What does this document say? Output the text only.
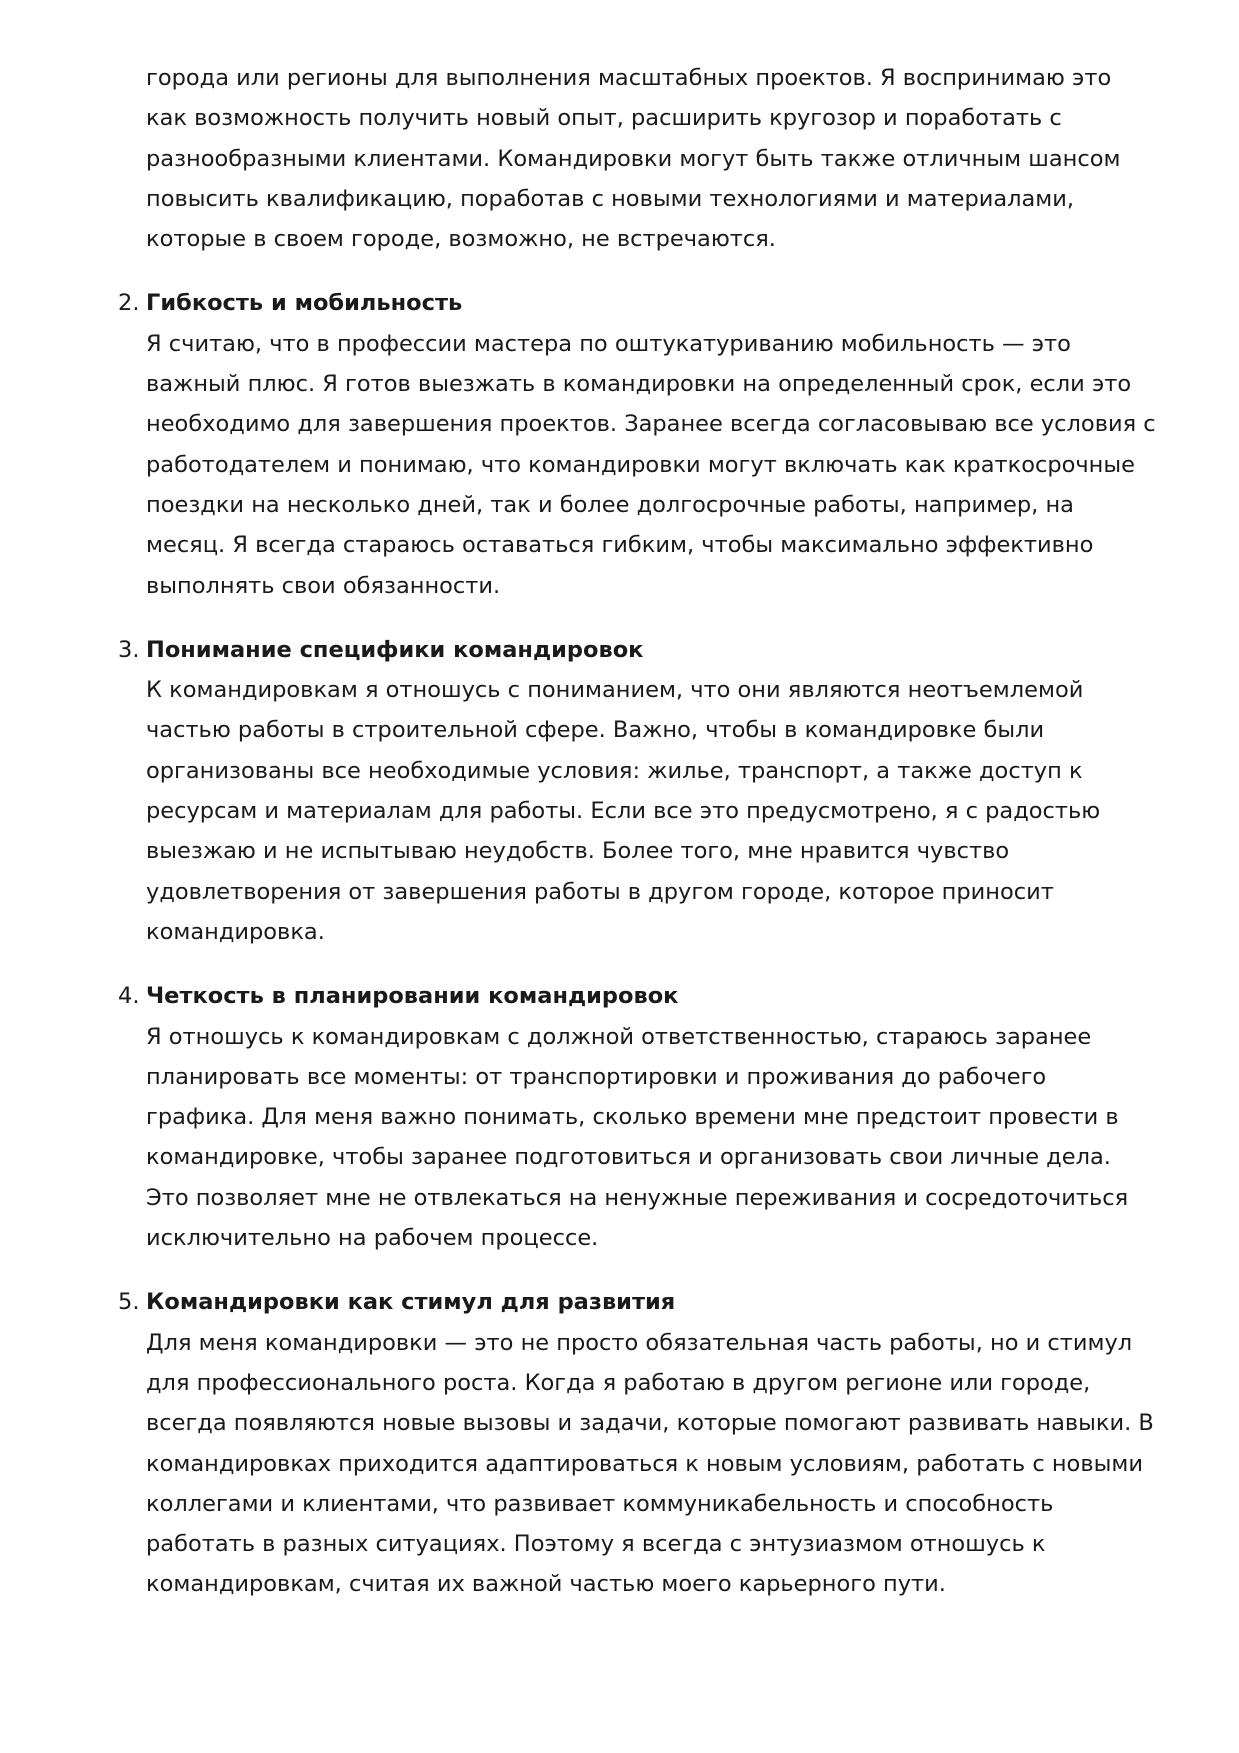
города или регионы для выполнения масштабных проектов. Я воспринимаю это как возможность получить новый опыт, расширить кругозор и поработать с разнообразными клиентами. Командировки могут быть также отличным шансом повысить квалификацию, поработав с новыми технологиями и материалами, которые в своем городе, возможно, не встречаются.

2. Гибкость и мобильность

Я считаю, что в профессии мастера по оштукатуриванию мобильность — это важный плюс. Я готов выезжать в командировки на определенный срок, если это необходимо для завершения проектов. Заранее всегда согласовываю все условия с работодателем и понимаю, что командировки могут включать как краткосрочные поездки на несколько дней, так и более долгосрочные работы, например, на месяц. Я всегда стараюсь оставаться гибким, чтобы максимально эффективно выполнять свои обязанности.

3. Понимание специфики командировок

К командировкам я отношусь с пониманием, что они являются неотъемлемой частью работы в строительной сфере. Важно, чтобы в командировке были организованы все необходимые условия: жилье, транспорт, а также доступ к ресурсам и материалам для работы. Если все это предусмотрено, я с радостью выезжаю и не испытываю неудобств. Более того, мне нравится чувство удовлетворения от завершения работы в другом городе, которое приносит командировка.

4. Четкость в планировании командировок

Я отношусь к командировкам с должной ответственностью, стараюсь заранее планировать все моменты: от транспортировки и проживания до рабочего графика. Для меня важно понимать, сколько времени мне предстоит провести в командировке, чтобы заранее подготовиться и организовать свои личные дела. Это позволяет мне не отвлекаться на ненужные переживания и сосредоточиться исключительно на рабочем процессе.

5. Командировки как стимул для развития

Для меня командировки — это не просто обязательная часть работы, но и стимул для профессионального роста. Когда я работаю в другом регионе или городе, всегда появляются новые вызовы и задачи, которые помогают развивать навыки. В командировках приходится адаптироваться к новым условиям, работать с новыми коллегами и клиентами, что развивает коммуникабельность и способность работать в разных ситуациях. Поэтому я всегда с энтузиазмом отношусь к командировкам, считая их важной частью моего карьерного пути.
